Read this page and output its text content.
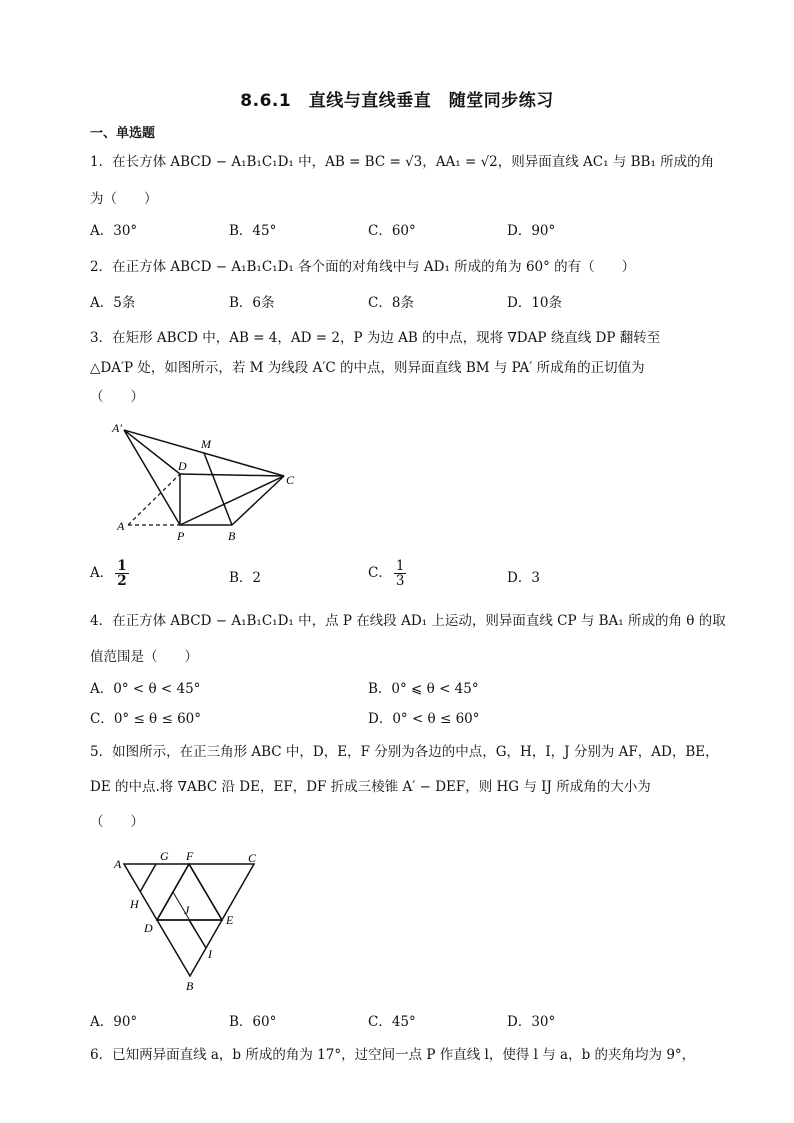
8.6.1　直线与直线垂直　随堂同步练习
一、单选题
1．在长方体 ABCD − A₁B₁C₁D₁ 中，AB = BC = √3，AA₁ = √2，则异面直线 AC₁ 与 BB₁ 所成的角
为（　　）
A．30°	B．45°	C．60°	D．90°
2．在正方体 ABCD − A₁B₁C₁D₁ 各个面的对角线中与 AD₁ 所成的角为 60° 的有（　　）
A．5条	B．6条	C．8条	D．10条
3．在矩形 ABCD 中，AB = 4，AD = 2，P 为边 AB 的中点，现将 ∇DAP 绕直线 DP 翻转至
△DA′P 处，如图所示，若 M 为线段 A′C 的中点，则异面直线 BM 与 PA′ 所成角的正切值为
（　　）
A′
M
D
C
A
P	B
A． $\frac{1}{2}$	B．2	C． $\frac{1}{3}$	D．3
4．在正方体 ABCD − A₁B₁C₁D₁ 中，点 P 在线段 AD₁ 上运动，则异面直线 CP 与 BA₁ 所成的角 θ 的取
值范围是（　　）
A．0° < θ < 45°	B．0° ⩽ θ < 45°
C．0° ≤ θ ≤ 60°	D．0° < θ ≤ 60°
5．如图所示，在正三角形 ABC 中，D，E，F 分别为各边的中点，G，H，I，J 分别为 AF，AD，BE，
DE 的中点.将 ∇ABC 沿 DE，EF，DF 折成三棱锥 A′ − DEF，则 HG 与 IJ 所成角的大小为
（　　）
A
G F	C
H	J
E
D
I
B
A．90°	B．60°	C．45°	D．30°
6．已知两异面直线 a，b 所成的角为 17°，过空间一点 P 作直线 l，使得 l 与 a，b 的夹角均为 9°，
